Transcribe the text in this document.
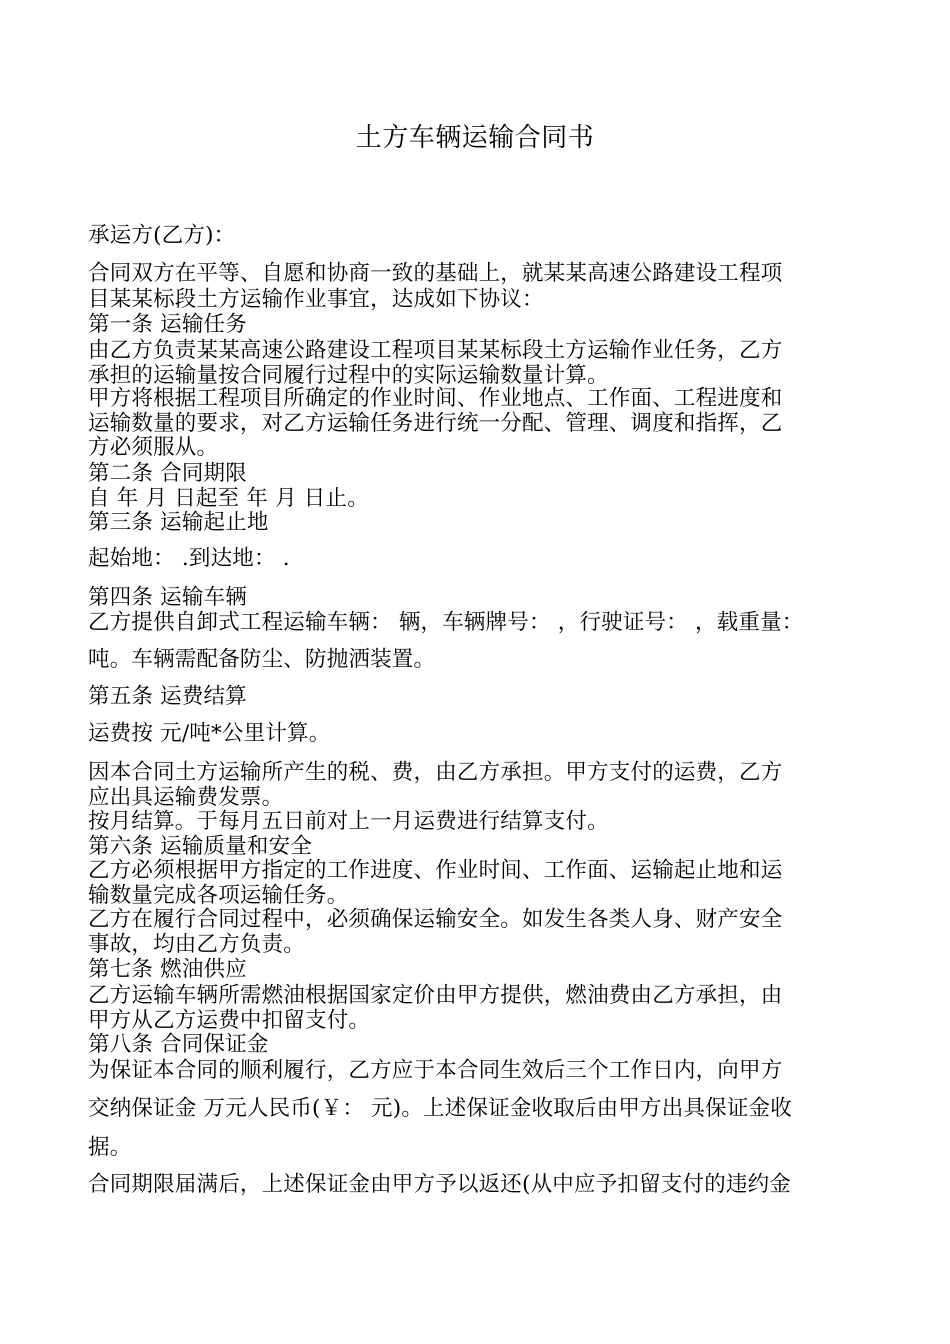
土方车辆运输合同书
承运方(乙方)：
合同双方在平等、自愿和协商一致的基础上，就某某高速公路建设工程项
目某某标段土方运输作业事宜，达成如下协议：
第一条 运输任务
由乙方负责某某高速公路建设工程项目某某标段土方运输作业任务，乙方
承担的运输量按合同履行过程中的实际运输数量计算。
甲方将根据工程项目所确定的作业时间、作业地点、工作面、工程进度和
运输数量的要求，对乙方运输任务进行统一分配、管理、调度和指挥，乙
方必须服从。
第二条 合同期限
自 年 月 日起至 年 月 日止。
第三条 运输起止地
起始地： .到达地： .
第四条 运输车辆
乙方提供自卸式工程运输车辆： 辆，车辆牌号： ，行驶证号： ，载重量：
吨。车辆需配备防尘、防抛洒装置。
第五条 运费结算
运费按 元/吨*公里计算。
因本合同土方运输所产生的税、费，由乙方承担。甲方支付的运费，乙方
应出具运输费发票。
按月结算。于每月五日前对上一月运费进行结算支付。
第六条 运输质量和安全
乙方必须根据甲方指定的工作进度、作业时间、工作面、运输起止地和运
输数量完成各项运输任务。
乙方在履行合同过程中，必须确保运输安全。如发生各类人身、财产安全
事故，均由乙方负责。
第七条 燃油供应
乙方运输车辆所需燃油根据国家定价由甲方提供，燃油费由乙方承担，由
甲方从乙方运费中扣留支付。
第八条 合同保证金
为保证本合同的顺利履行，乙方应于本合同生效后三个工作日内，向甲方
交纳保证金 万元人民币(￥： 元)。上述保证金收取后由甲方出具保证金收
据。
合同期限届满后，上述保证金由甲方予以返还(从中应予扣留支付的违约金
